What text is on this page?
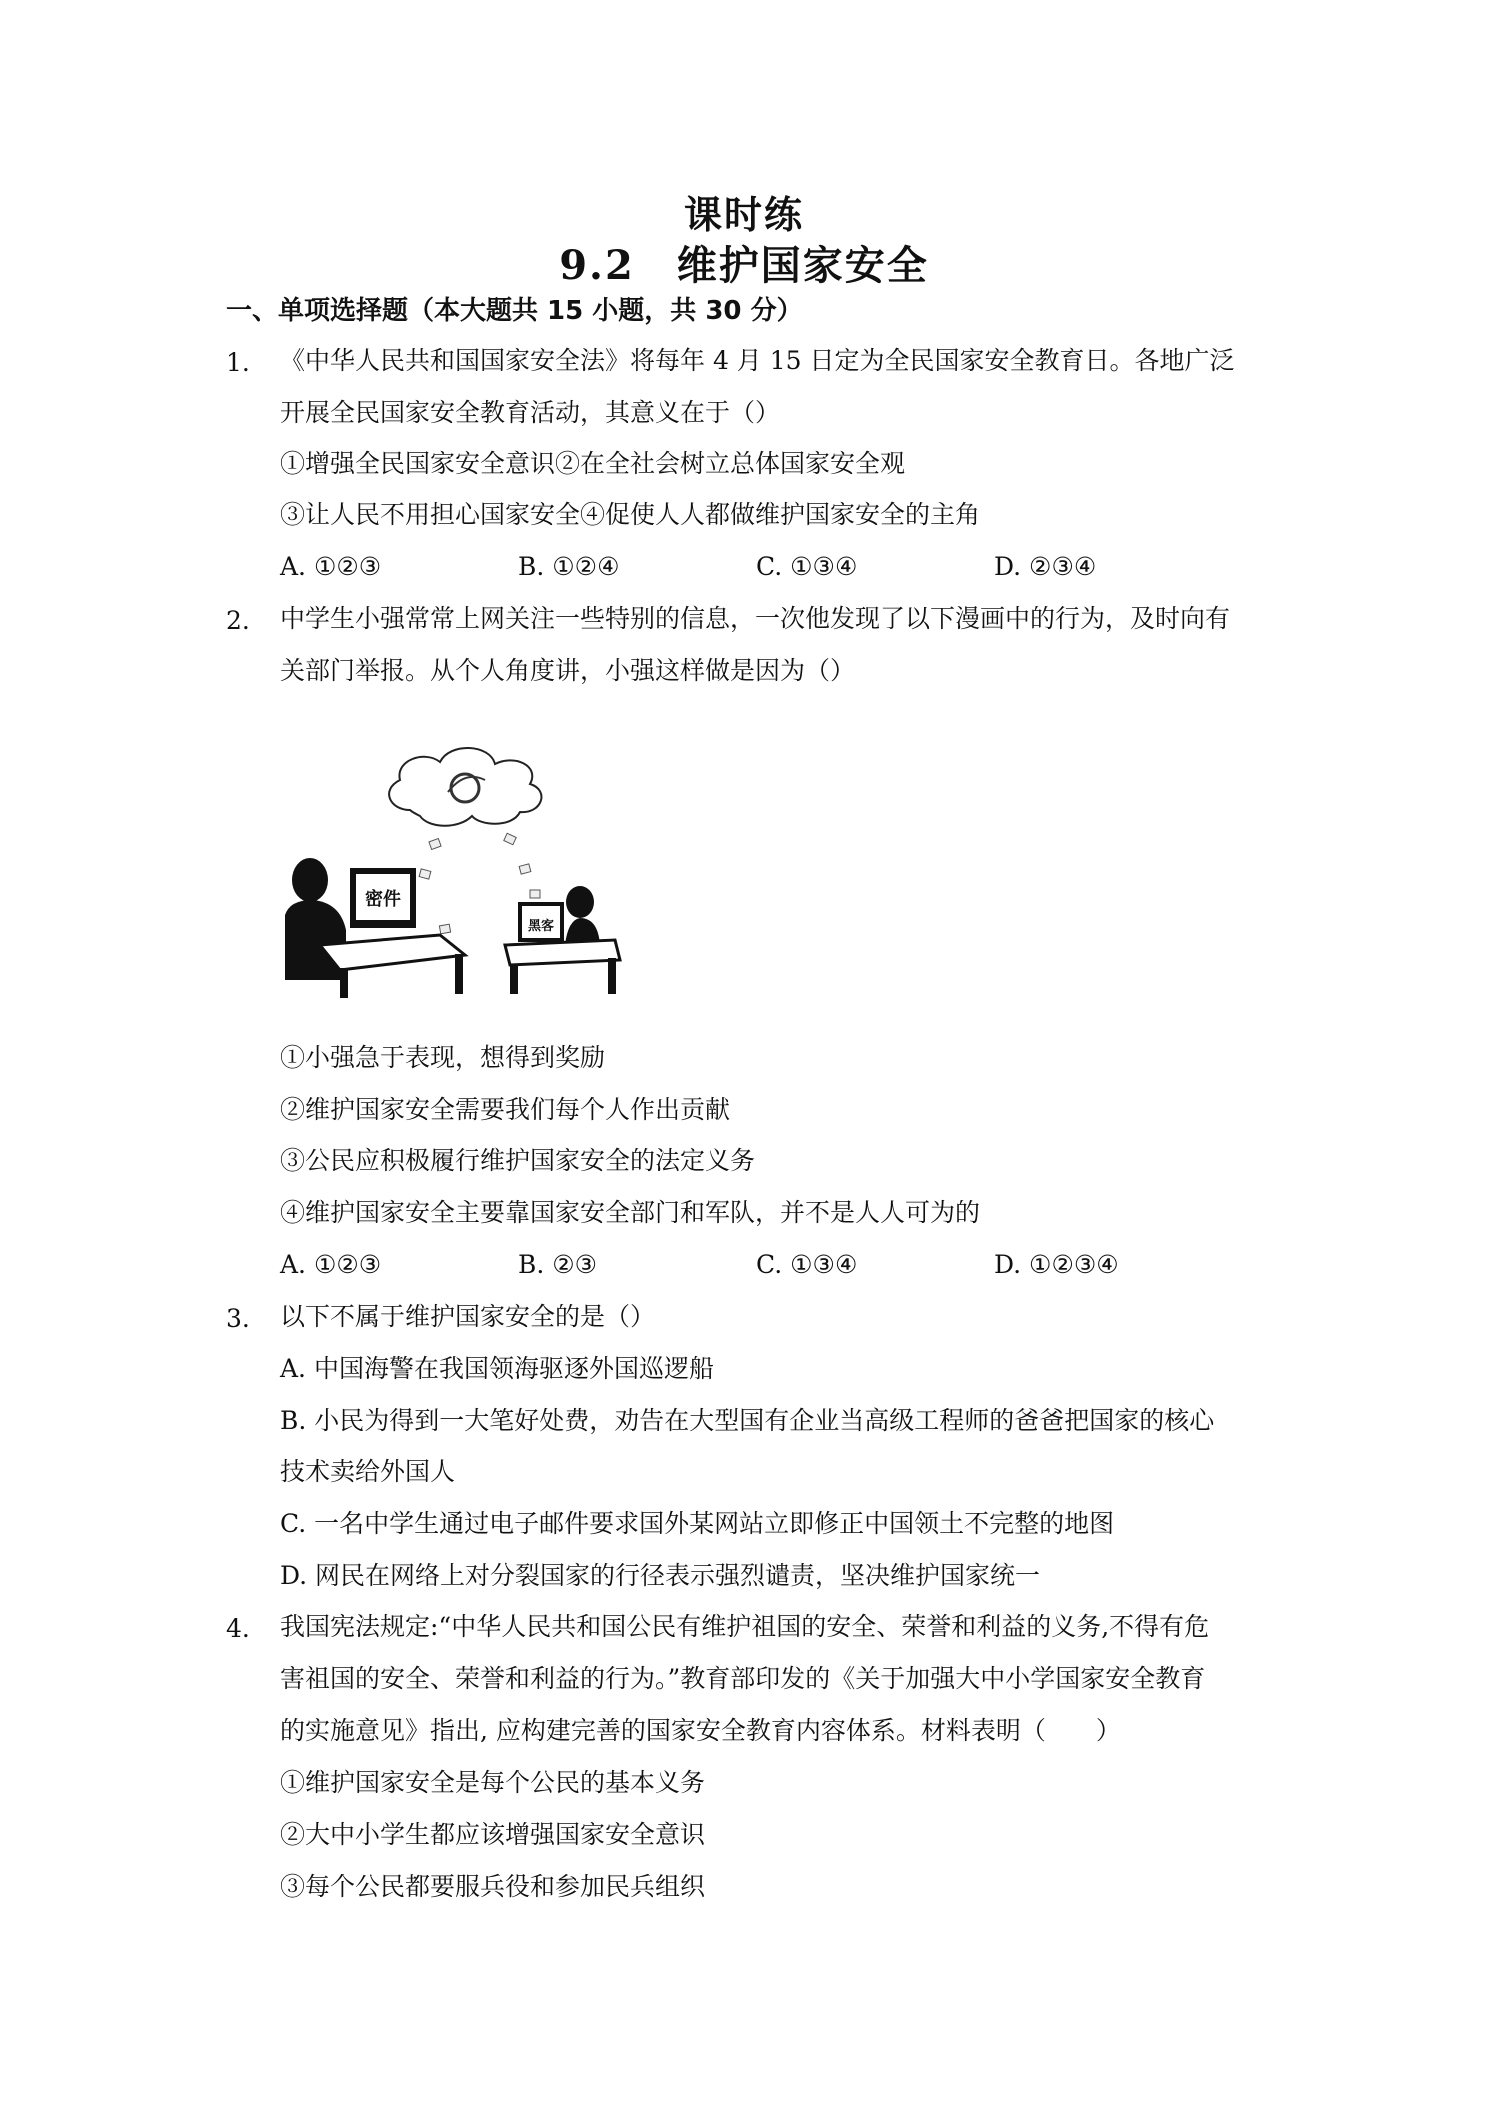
课时练
9.2　维护国家安全
一、单项选择题（本大题共 15 小题，共 30 分）
1. 《中华人民共和国国家安全法》将每年 4 月 15 日定为全民国家安全教育日。各地广泛
开展全民国家安全教育活动，其意义在于（）
①增强全民国家安全意识②在全社会树立总体国家安全观
③让人民不用担心国家安全④促使人人都做维护国家安全的主角
A. ①②③	B. ①②④	C. ①③④	D. ②③④
2. 中学生小强常常上网关注一些特别的信息，一次他发现了以下漫画中的行为，及时向有
关部门举报。从个人角度讲，小强这样做是因为（）
密件
黑客
①小强急于表现，想得到奖励
②维护国家安全需要我们每个人作出贡献
③公民应积极履行维护国家安全的法定义务
④维护国家安全主要靠国家安全部门和军队，并不是人人可为的
A. ①②③	B. ②③	C. ①③④	D. ①②③④
3. 以下不属于维护国家安全的是（）
A. 中国海警在我国领海驱逐外国巡逻船
B. 小民为得到一大笔好处费，劝告在大型国有企业当高级工程师的爸爸把国家的核心
技术卖给外国人
C. 一名中学生通过电子邮件要求国外某网站立即修正中国领土不完整的地图
D. 网民在网络上对分裂国家的行径表示强烈谴责，坚决维护国家统一
4. 我国宪法规定:“中华人民共和国公民有维护祖国的安全、荣誉和利益的义务,不得有危
害祖国的安全、荣誉和利益的行为。”教育部印发的《关于加强大中小学国家安全教育
的实施意见》指出, 应构建完善的国家安全教育内容体系。材料表明（　　）
①维护国家安全是每个公民的基本义务
②大中小学生都应该增强国家安全意识
③每个公民都要服兵役和参加民兵组织
